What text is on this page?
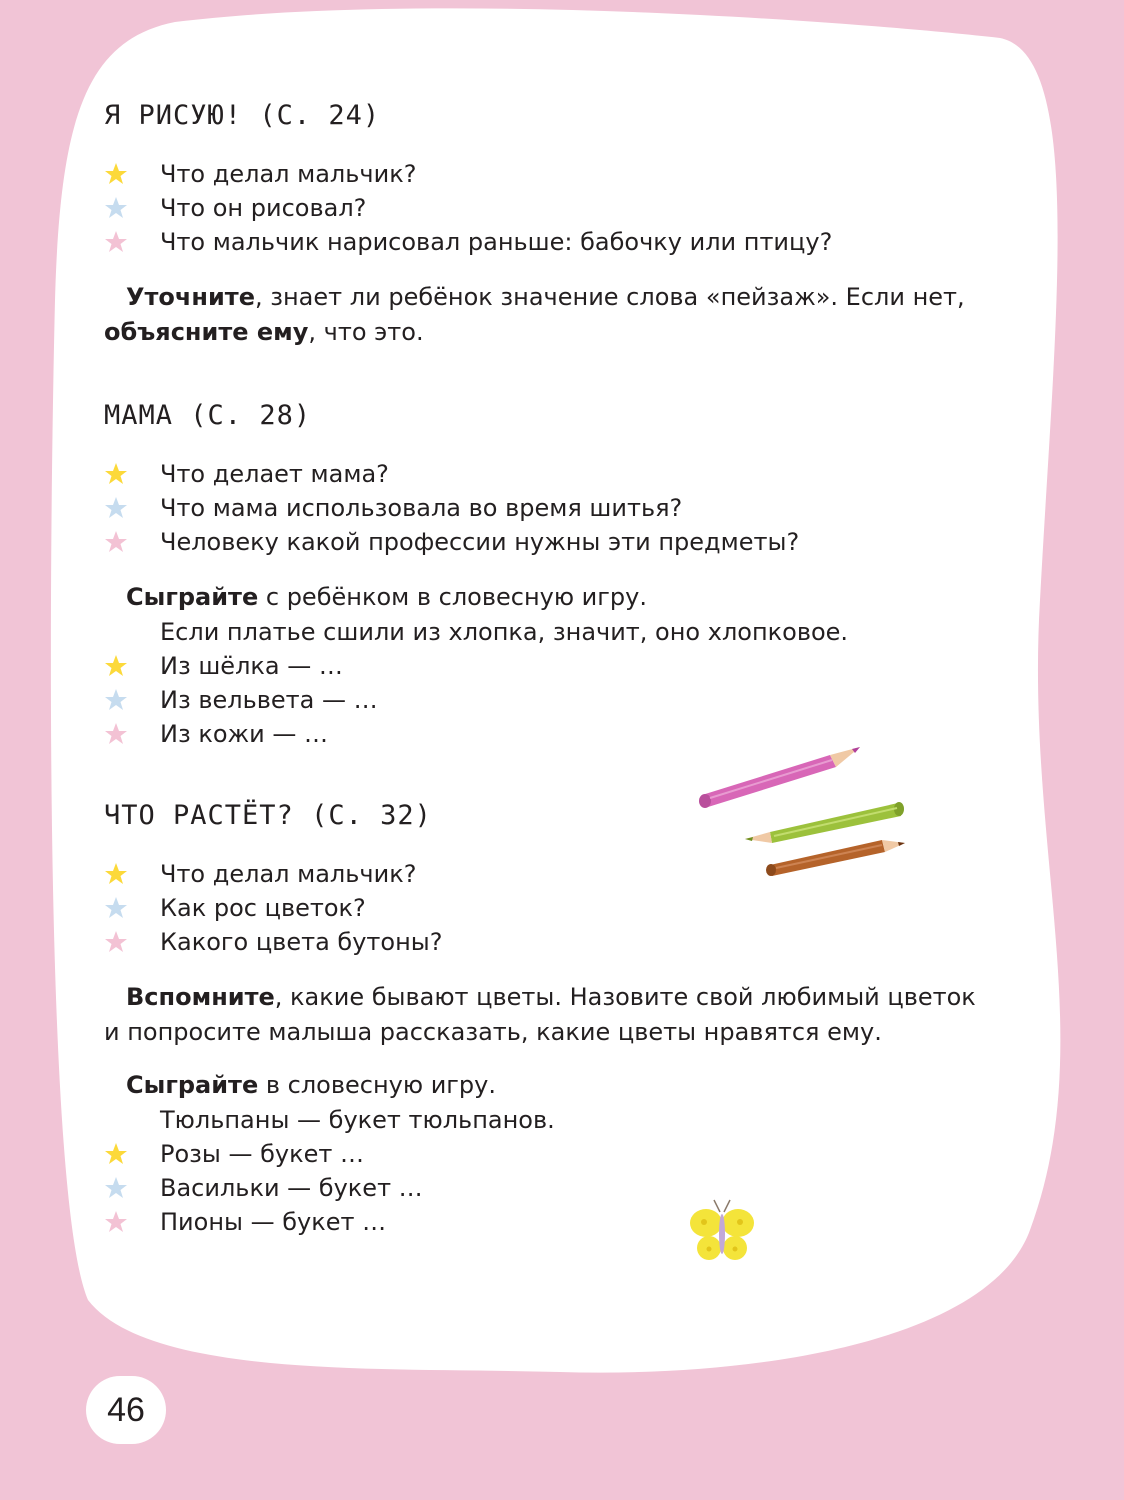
Я РИСУЮ! (С. 24)
Что делал мальчик?
Что он рисовал?
Что мальчик нарисовал раньше: бабочку или птицу?

Уточните, знает ли ребёнок значение слова «пейзаж». Если нет, объясните ему, что это.

МАМА (С. 28)
Что делает мама?
Что мама использовала во время шитья?
Человеку какой профессии нужны эти предметы?

Сыграйте с ребёнком в словесную игру.

Если платье сшили из хлопка, значит, оно хлопковое.
Из шёлка — …
Из вельвета — …
Из кожи — …
ЧТО РАСТЁТ? (С. 32)
Что делал мальчик?
Как рос цветок?
Какого цвета бутоны?

Вспомните, какие бывают цветы. Назовите свой любимый цветок и попросите малыша рассказать, какие цветы нравятся ему.

Сыграйте в словесную игру.

Тюльпаны — букет тюльпанов.
Розы — букет …
Васильки — букет …
Пионы — букет …
46
